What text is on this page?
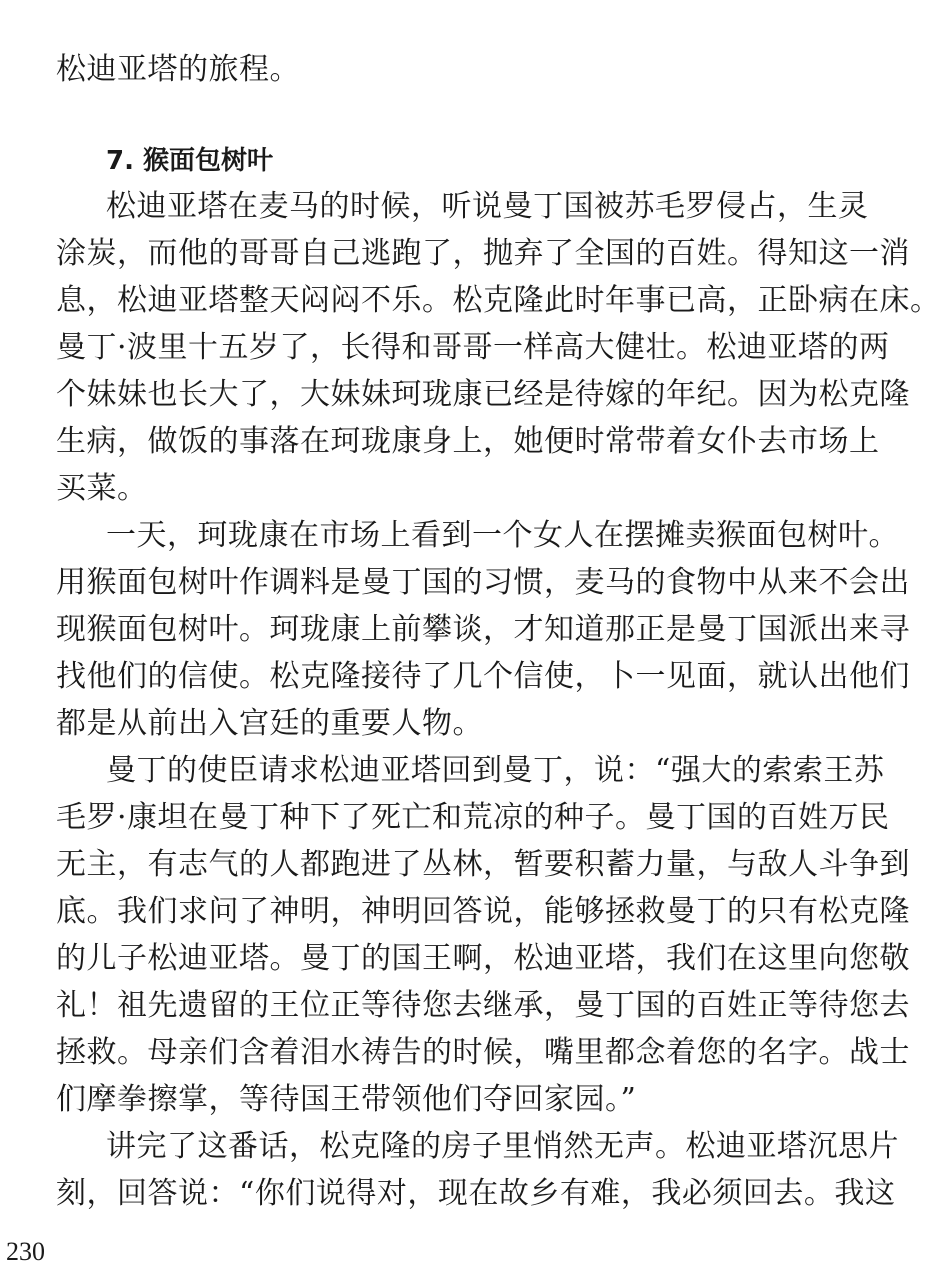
松迪亚塔的旅程。
7. 猴面包树叶
松迪亚塔在麦马的时候，听说曼丁国被苏毛罗侵占，生灵
涂炭，而他的哥哥自己逃跑了，抛弃了全国的百姓。得知这一消
息，松迪亚塔整天闷闷不乐。松克隆此时年事已高，正卧病在床。
曼丁·波里十五岁了，长得和哥哥一样高大健壮。松迪亚塔的两
个妹妹也长大了，大妹妹珂珑康已经是待嫁的年纪。因为松克隆
生病，做饭的事落在珂珑康身上，她便时常带着女仆去市场上
买菜。
一天，珂珑康在市场上看到一个女人在摆摊卖猴面包树叶。
用猴面包树叶作调料是曼丁国的习惯，麦马的食物中从来不会出
现猴面包树叶。珂珑康上前攀谈，才知道那正是曼丁国派出来寻
找他们的信使。松克隆接待了几个信使，卜一见面，就认出他们
都是从前出入宫廷的重要人物。
曼丁的使臣请求松迪亚塔回到曼丁，说：“强大的索索王苏
毛罗·康坦在曼丁种下了死亡和荒凉的种子。曼丁国的百姓万民
无主，有志气的人都跑进了丛林，暂要积蓄力量，与敌人斗争到
底。我们求问了神明，神明回答说，能够拯救曼丁的只有松克隆
的儿子松迪亚塔。曼丁的国王啊，松迪亚塔，我们在这里向您敬
礼！祖先遗留的王位正等待您去继承，曼丁国的百姓正等待您去
拯救。母亲们含着泪水祷告的时候，嘴里都念着您的名字。战士
们摩拳擦掌，等待国王带领他们夺回家园。”
讲完了这番话，松克隆的房子里悄然无声。松迪亚塔沉思片
刻，回答说：“你们说得对，现在故乡有难，我必须回去。我这
230
